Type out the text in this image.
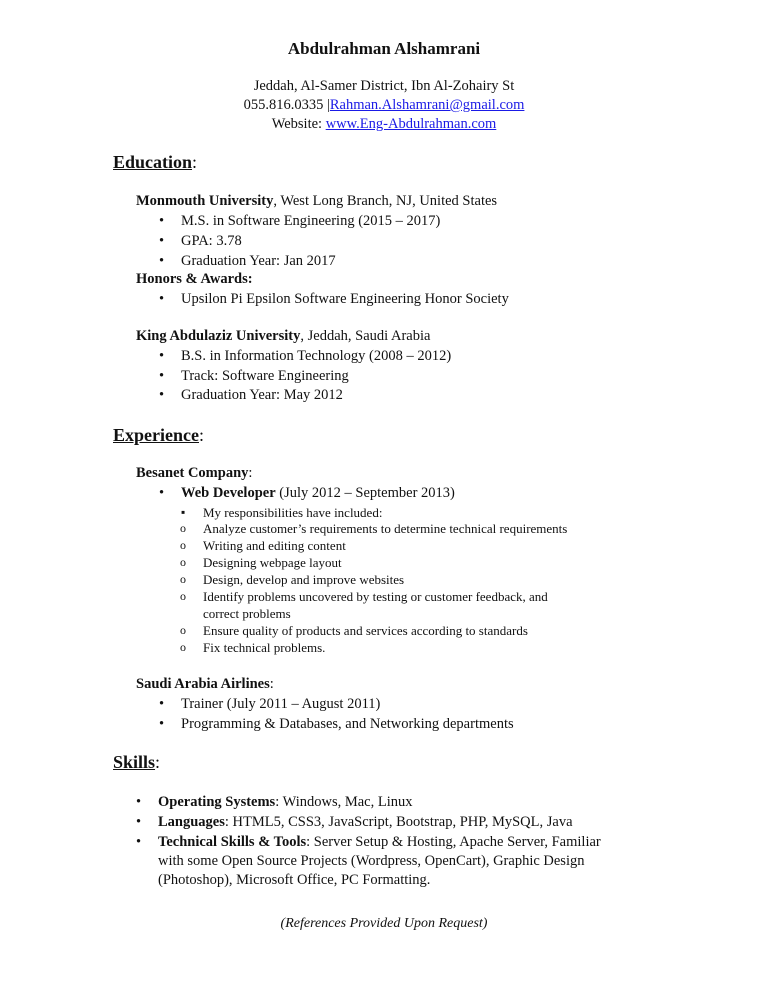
Abdulrahman Alshamrani
Jeddah, Al-Samer District, Ibn Al-Zohairy St
055.816.0335 |Rahman.Alshamrani@gmail.com
Website: www.Eng-Abdulrahman.com
Education:
Monmouth University, West Long Branch, NJ, United States
• M.S. in Software Engineering (2015 – 2017)
• GPA: 3.78
• Graduation Year: Jan 2017
Honors & Awards:
• Upsilon Pi Epsilon Software Engineering Honor Society
King Abdulaziz University, Jeddah, Saudi Arabia
• B.S. in Information Technology (2008 – 2012)
• Track: Software Engineering
• Graduation Year: May 2012
Experience:
Besanet Company:
• Web Developer (July 2012 – September 2013)
▪ My responsibilities have included:
o Analyze customer’s requirements to determine technical requirements
o Writing and editing content
o Designing webpage layout
o Design, develop and improve websites
o Identify problems uncovered by testing or customer feedback, and
correct problems
o Ensure quality of products and services according to standards
o Fix technical problems.
Saudi Arabia Airlines:
• Trainer (July 2011 – August 2011)
• Programming & Databases, and Networking departments
Skills:
• Operating Systems: Windows, Mac, Linux
• Languages: HTML5, CSS3, JavaScript, Bootstrap, PHP, MySQL, Java
• Technical Skills & Tools: Server Setup & Hosting, Apache Server, Familiar
with some Open Source Projects (Wordpress, OpenCart), Graphic Design
(Photoshop), Microsoft Office, PC Formatting.
(References Provided Upon Request)
